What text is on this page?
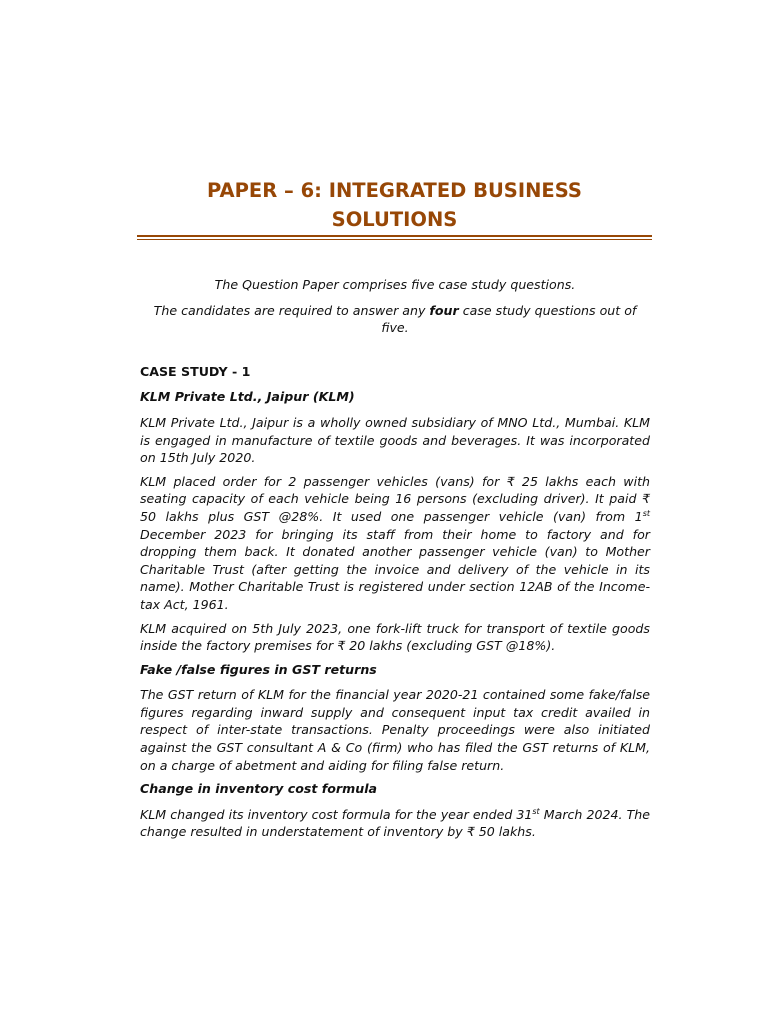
PAPER – 6: INTEGRATED BUSINESS

SOLUTIONS

The Question Paper comprises five case study questions.

The candidates are required to answer any four case study questions out of five.

CASE STUDY - 1

KLM Private Ltd., Jaipur (KLM)

KLM Private Ltd., Jaipur is a wholly owned subsidiary of MNO Ltd., Mumbai. KLM is engaged in manufacture of textile goods and beverages. It was incorporated on 15th July 2020.

KLM placed order for 2 passenger vehicles (vans) for ₹ 25 lakhs each with seating capacity of each vehicle being 16 persons (excluding driver). It paid ₹ 50 lakhs plus GST @28%. It used one passenger vehicle (van) from 1st December 2023 for bringing its staff from their home to factory and for dropping them back. It donated another passenger vehicle (van) to Mother Charitable Trust (after getting the invoice and delivery of the vehicle in its name). Mother Charitable Trust is registered under section 12AB of the Income-tax Act, 1961.

KLM acquired on 5th July 2023, one fork-lift truck for transport of textile goods inside the factory premises for ₹ 20 lakhs (excluding GST @18%).

Fake /false figures in GST returns

The GST return of KLM for the financial year 2020-21 contained some fake/false figures regarding inward supply and consequent input tax credit availed in respect of inter-state transactions. Penalty proceedings were also initiated against the GST consultant A & Co (firm) who has filed the GST returns of KLM, on a charge of abetment and aiding for filing false return.

Change in inventory cost formula

KLM changed its inventory cost formula for the year ended 31st March 2024. The change resulted in understatement of inventory by ₹ 50 lakhs.
